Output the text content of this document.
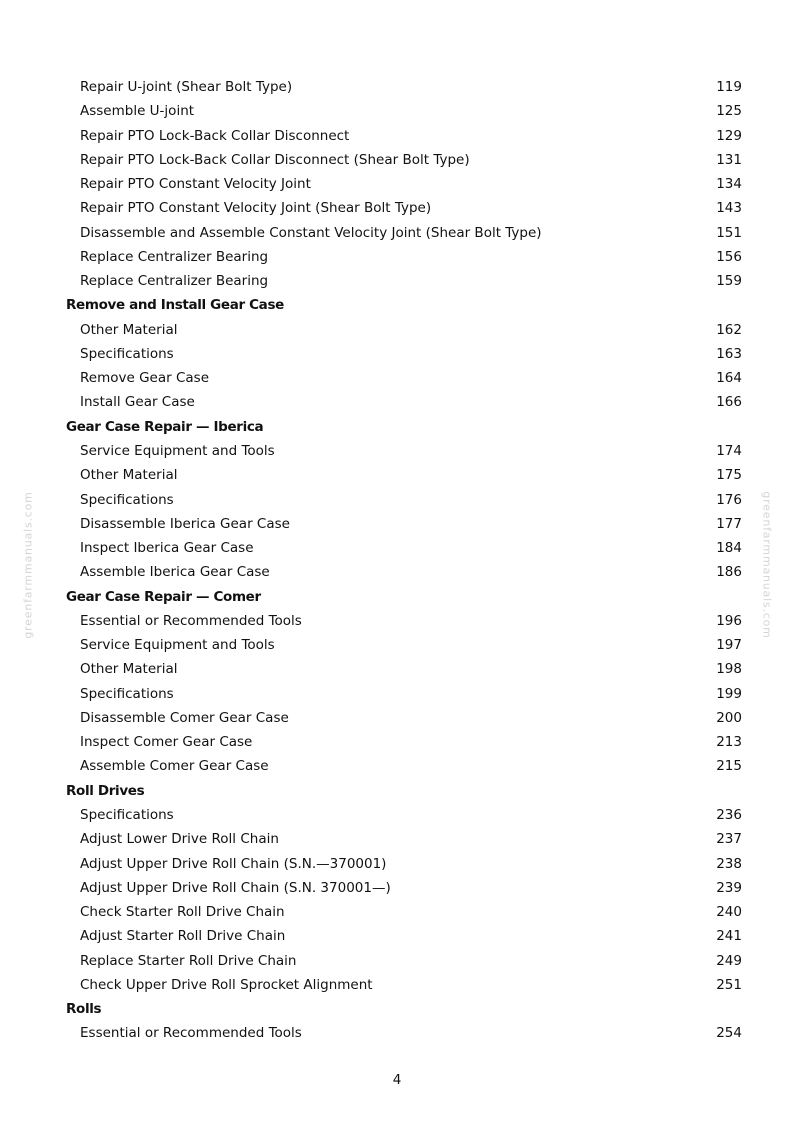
greenfarmmanuals.com	greenfarmmanuals.com
Repair U-joint (Shear Bolt Type)	119
Assemble U-joint	125
Repair PTO Lock-Back Collar Disconnect	129
Repair PTO Lock-Back Collar Disconnect (Shear Bolt Type)	131
Repair PTO Constant Velocity Joint	134
Repair PTO Constant Velocity Joint (Shear Bolt Type)	143
Disassemble and Assemble Constant Velocity Joint (Shear Bolt Type)	151
Replace Centralizer Bearing	156
Replace Centralizer Bearing	159
Remove and Install Gear Case
Other Material	162
Specifications	163
Remove Gear Case	164
Install Gear Case	166
Gear Case Repair — Iberica
Service Equipment and Tools	174
Other Material	175
Specifications	176
Disassemble Iberica Gear Case	177
Inspect Iberica Gear Case	184
Assemble Iberica Gear Case	186
Gear Case Repair — Comer
Essential or Recommended Tools	196
Service Equipment and Tools	197
Other Material	198
Specifications	199
Disassemble Comer Gear Case	200
Inspect Comer Gear Case	213
Assemble Comer Gear Case	215
Roll Drives
Specifications	236
Adjust Lower Drive Roll Chain	237
Adjust Upper Drive Roll Chain (S.N.—370001)	238
Adjust Upper Drive Roll Chain (S.N. 370001—)	239
Check Starter Roll Drive Chain	240
Adjust Starter Roll Drive Chain	241
Replace Starter Roll Drive Chain	249
Check Upper Drive Roll Sprocket Alignment	251
Rolls
Essential or Recommended Tools	254
4
